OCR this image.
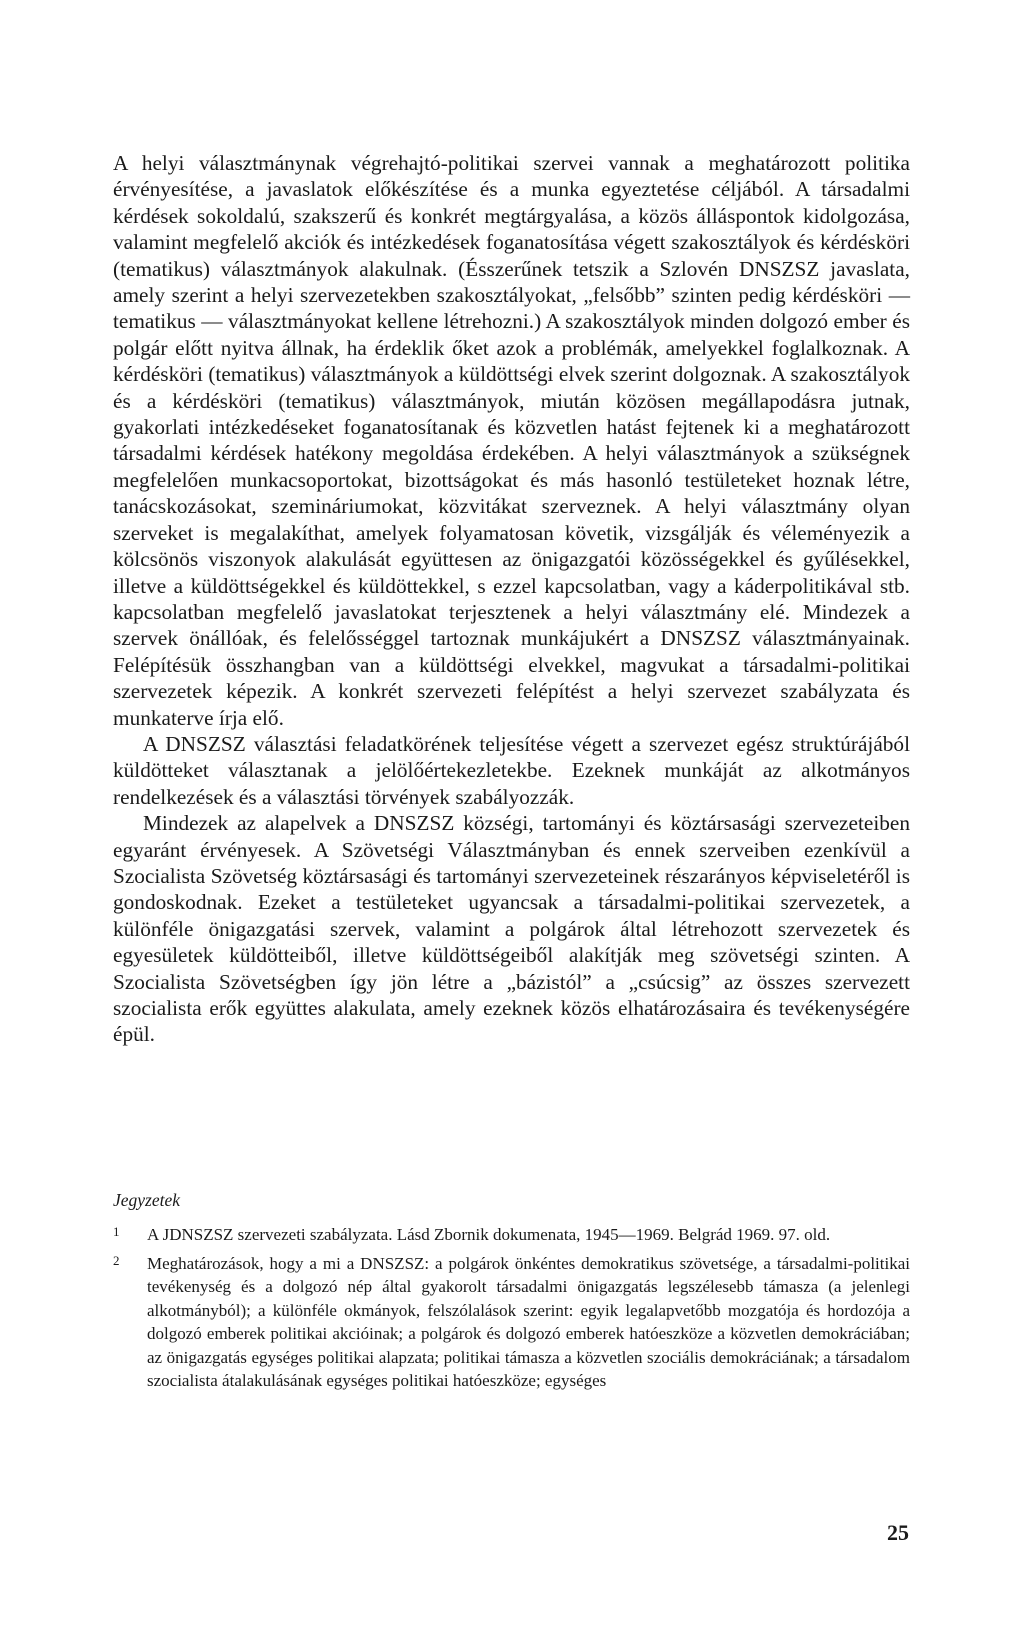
A helyi választmánynak végrehajtó-politikai szervei vannak a meghatározott politika érvényesítése, a javaslatok előkészítése és a munka egyeztetése céljából. A társadalmi kérdések sokoldalú, szakszerű és konkrét megtárgyalása, a közös álláspontok kidolgozása, valamint megfelelő akciók és intézkedések foganatosítása végett szakosztályok és kérdésköri (tematikus) választmányok alakulnak. (Ésszerűnek tetszik a Szlovén DNSZSZ javaslata, amely szerint a helyi szervezetekben szakosztályokat, „felsőbb” szinten pedig kérdésköri — tematikus — választmányokat kellene létrehozni.) A szakosztályok minden dolgozó ember és polgár előtt nyitva állnak, ha érdeklik őket azok a problémák, amelyekkel foglalkoznak. A kérdésköri (tematikus) választmányok a küldöttségi elvek szerint dolgoznak. A szakosztályok és a kérdésköri (tematikus) választmányok, miután közösen megállapodásra jutnak, gyakorlati intézkedéseket foganatosítanak és közvetlen hatást fejtenek ki a meghatározott társadalmi kérdések hatékony megoldása érdekében. A helyi választmányok a szükségnek megfelelően munkacsoportokat, bizottságokat és más hasonló testületeket hoznak létre, tanácskozásokat, szemináriumokat, közvitákat szerveznek. A helyi választmány olyan szerveket is megalakíthat, amelyek folyamatosan követik, vizsgálják és véleményezik a kölcsönös viszonyok alakulását együttesen az önigazgatói közösségekkel és gyűlésekkel, illetve a küldöttségekkel és küldöttekkel, s ezzel kapcsolatban, vagy a káderpolitikával stb. kapcsolatban megfelelő javaslatokat terjesztenek a helyi választmány elé. Mindezek a szervek önállóak, és felelősséggel tartoznak munkájukért a DNSZSZ választmányainak. Felépítésük összhangban van a küldöttségi elvekkel, magvukat a társadalmi-politikai szervezetek képezik. A konkrét szervezeti felépítést a helyi szervezet szabályzata és munkaterve írja elő.

A DNSZSZ választási feladatkörének teljesítése végett a szervezet egész struktúrájából küldötteket választanak a jelölőértekezletekbe. Ezeknek munkáját az alkotmányos rendelkezések és a választási törvények szabályozzák.

Mindezek az alapelvek a DNSZSZ községi, tartományi és köztársasági szervezeteiben egyaránt érvényesek. A Szövetségi Választmányban és ennek szerveiben ezenkívül a Szocialista Szövetség köztársasági és tartományi szervezeteinek részarányos képviseletéről is gondoskodnak. Ezeket a testületeket ugyancsak a társadalmi-politikai szervezetek, a különféle önigazgatási szervek, valamint a polgárok által létrehozott szervezetek és egyesületek küldötteiből, illetve küldöttségeiből alakítják meg szövetségi szinten. A Szocialista Szövetségben így jön létre a „bázistól” a „csúcsig” az összes szervezett szocialista erők együttes alakulata, amely ezeknek közös elhatározásaira és tevékenységére épül.

Jegyzetek
1 A JDNSZSZ szervezeti szabályzata. Lásd Zbornik dokumenata, 1945—1969. Belgrád 1969. 97. old.
2 Meghatározások, hogy a mi a DNSZSZ: a polgárok önkéntes demokratikus szövetsége, a társadalmi-politikai tevékenység és a dolgozó nép által gyakorolt társadalmi önigazgatás legszélesebb támasza (a jelenlegi alkotmányból); a különféle okmányok, felszólalások szerint: egyik legalapvetőbb mozgatója és hordozója a dolgozó emberek politikai akcióinak; a polgárok és dolgozó emberek hatóeszköze a közvetlen demokráciában; az önigazgatás egységes politikai alapzata; politikai támasza a közvetlen szociális demokráciának; a társadalom szocialista átalakulásának egységes politikai hatóeszköze; egységes
25
